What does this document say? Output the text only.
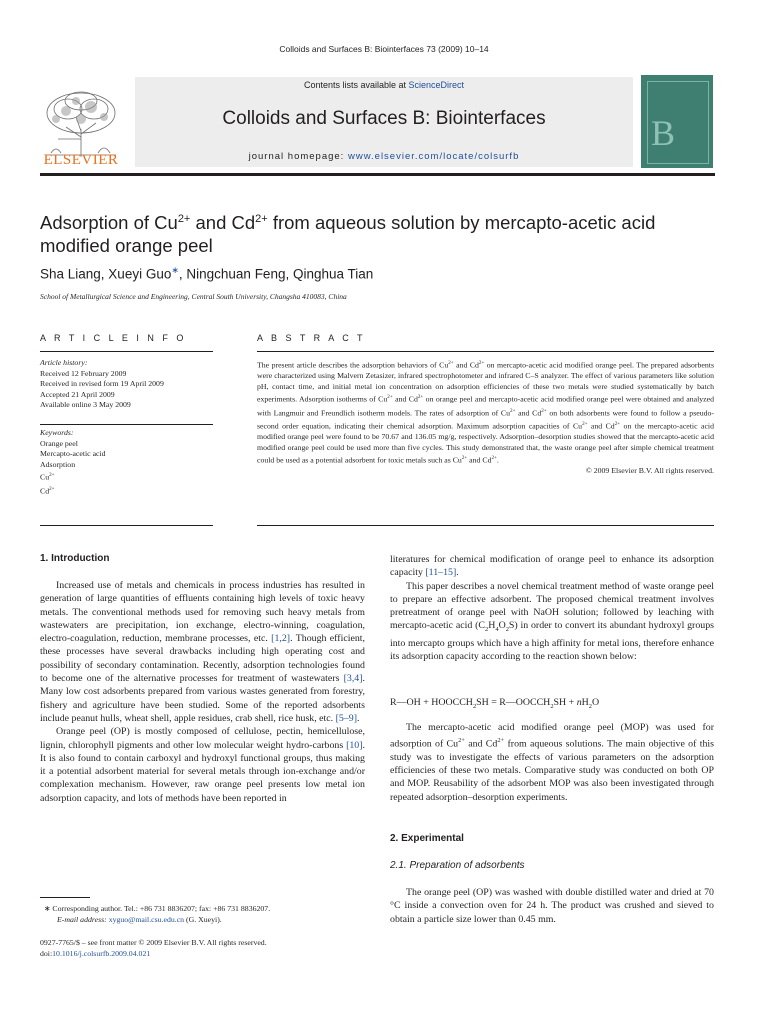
Colloids and Surfaces B: Biointerfaces 73 (2009) 10–14
ELSEVIER
Contents lists available at ScienceDirect
Colloids and Surfaces B: Biointerfaces
journal homepage: www.elsevier.com/locate/colsurfb
B
Adsorption of $Cu^{2+}$ and $Cd^{2+}$ from aqueous solution by mercapto-acetic acid
modified orange peel
Sha Liang, Xueyi Guo∗, Ningchuan Feng, Qinghua Tian
School of Metallurgical Science and Engineering, Central South University, Changsha 410083, China
A R T I C L E I N F O	A B S T R A C T
Article history:
Received 12 February 2009
Received in revised form 19 April 2009
Accepted 21 April 2009
Available online 3 May 2009
Keywords:
Orange peel
Mercapto-acetic acid
Adsorption
$Cu^{2+}$
$Cd^{2+}$
The present article describes the adsorption behaviors of $Cu^{2+}$ and $Cd^{2+}$ on mercapto-acetic acid modified orange peel. The prepared adsorbents were characterized using Malvern Zetasizer, infrared spectrophotometer and infrared C–S analyzer. The effect of various parameters like solution pH, contact time, and initial metal ion concentration on adsorption efficiencies of these two metals were studied systematically by batch experiments. Adsorption isotherms of $Cu^{2+}$ and $Cd^{2+}$ on orange peel and mercapto-acetic acid modified orange peel were obtained and analyzed with Langmuir and Freundlich isotherm models. The rates of adsorption of $Cu^{2+}$ and $Cd^{2+}$ on both adsorbents were found to follow a pseudo-second order equation, indicating their chemical adsorption. Maximum adsorption capacities of $Cu^{2+}$ and $Cd^{2+}$ on the mercapto-acetic acid modified orange peel were found to be 70.67 and 136.05 mg/g, respectively. Adsorption–desorption studies showed that the mercapto-acetic acid modified orange peel could be used more than five cycles. This study demonstrated that, the waste orange peel after simple chemical treatment could be used as a potential adsorbent for toxic metals such as $Cu^{2+}$ and $Cd^{2+}$.
© 2009 Elsevier B.V. All rights reserved.
1. Introduction

Increased use of metals and chemicals in process industries has resulted in generation of large quantities of effluents containing high levels of toxic heavy metals. The conventional methods used for removing such heavy metals from wastewaters are precipitation, ion exchange, electro-winning, coagulation, electro-coagulation, reduction, membrane processes, etc. [1,2]. Though efficient, these processes have several drawbacks including high operating cost and possibility of secondary contamination. Recently, adsorption technologies found to become one of the alternative processes for treatment of wastewaters [3,4]. Many low cost adsorbents prepared from various wastes generated from forestry, fishery and agriculture have been studied. Some of the reported adsorbents include peanut hulls, wheat shell, apple residues, crab shell, rice husk, etc. [5–9].

Orange peel (OP) is mostly composed of cellulose, pectin, hemicellulose, lignin, chlorophyll pigments and other low molecular weight hydro-carbons [10]. It is also found to contain carboxyl and hydroxyl functional groups, thus making it a potential adsorbent material for several metals through ion-exchange and/or complexation mechanism. However, raw orange peel presents low metal ion adsorption capacity, and lots of methods have been reported in

literatures for chemical modification of orange peel to enhance its adsorption capacity [11–15].

This paper describes a novel chemical treatment method of waste orange peel to prepare an effective adsorbent. The proposed chemical treatment involves pretreatment of orange peel with NaOH solution; followed by leaching with mercapto-acetic acid $(C_2H_4O_2S)$ in order to convert its abundant hydroxyl groups into mercapto groups which have a high affinity for metal ions, therefore enhance its adsorption capacity according to the reaction shown below:

R—OH + $HOOCCH_2SH$ = $R—OOCCH_2SH + nH_2O$

The mercapto-acetic acid modified orange peel (MOP) was used for adsorption of $Cu^{2+}$ and $Cd^{2+}$ from aqueous solutions. The main objective of this study was to investigate the effects of various parameters on the adsorption efficiencies of these two metals. Comparative study was conducted on both OP and MOP. Reusability of the adsorbent MOP was also been investigated through repeated adsorption–desorption experiments.

2. Experimental
2.1. Preparation of adsorbents

The orange peel (OP) was washed with double distilled water and dried at 70 °C inside a convection oven for 24 h. The product was crushed and sieved to obtain a particle size lower than 0.45 mm.

∗ Corresponding author. Tel.: +86 731 8836207; fax: +86 731 8836207.
E-mail address: xyguo@mail.csu.edu.cn (G. Xueyi).
0927-7765/$ – see front matter © 2009 Elsevier B.V. All rights reserved.
doi:10.1016/j.colsurfb.2009.04.021
